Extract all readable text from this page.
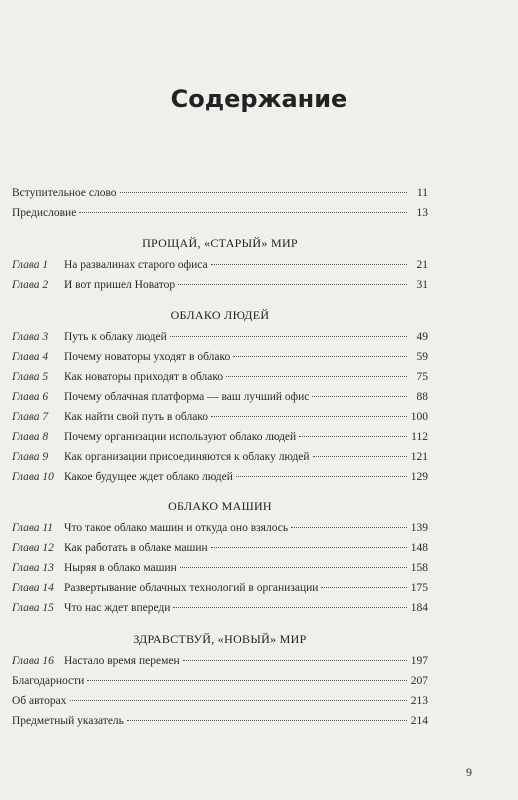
Содержание
Вступительное слово	11
Предисловие	13
ПРОЩАЙ, «СТАРЫЙ» МИР
Глава 1	На развалинах старого офиса	21
Глава 2	И вот пришел Новатор	31
ОБЛАКО ЛЮДЕЙ
Глава 3	Путь к облаку людей	49
Глава 4	Почему новаторы уходят в облако	59
Глава 5	Как новаторы приходят в облако	75
Глава 6	Почему облачная платформа — ваш лучший офис	88
Глава 7	Как найти свой путь в облако	100
Глава 8	Почему организации используют облако людей	112
Глава 9	Как организации присоединяются к облаку людей	121
Глава 10 Какое будущее ждет облако людей	129
ОБЛАКО МАШИН
Глава 11 Что такое облако машин и откуда оно взялось	139
Глава 12 Как работать в облаке машин	148
Глава 13 Ныряя в облако машин	158
Глава 14 Развертывание облачных технологий в организации	175
Глава 15 Что нас ждет впереди	184
ЗДРАВСТВУЙ, «НОВЫЙ» МИР
Глава 16 Настало время перемен	197
Благодарности	207
Об авторах	213
Предметный указатель	214
9
